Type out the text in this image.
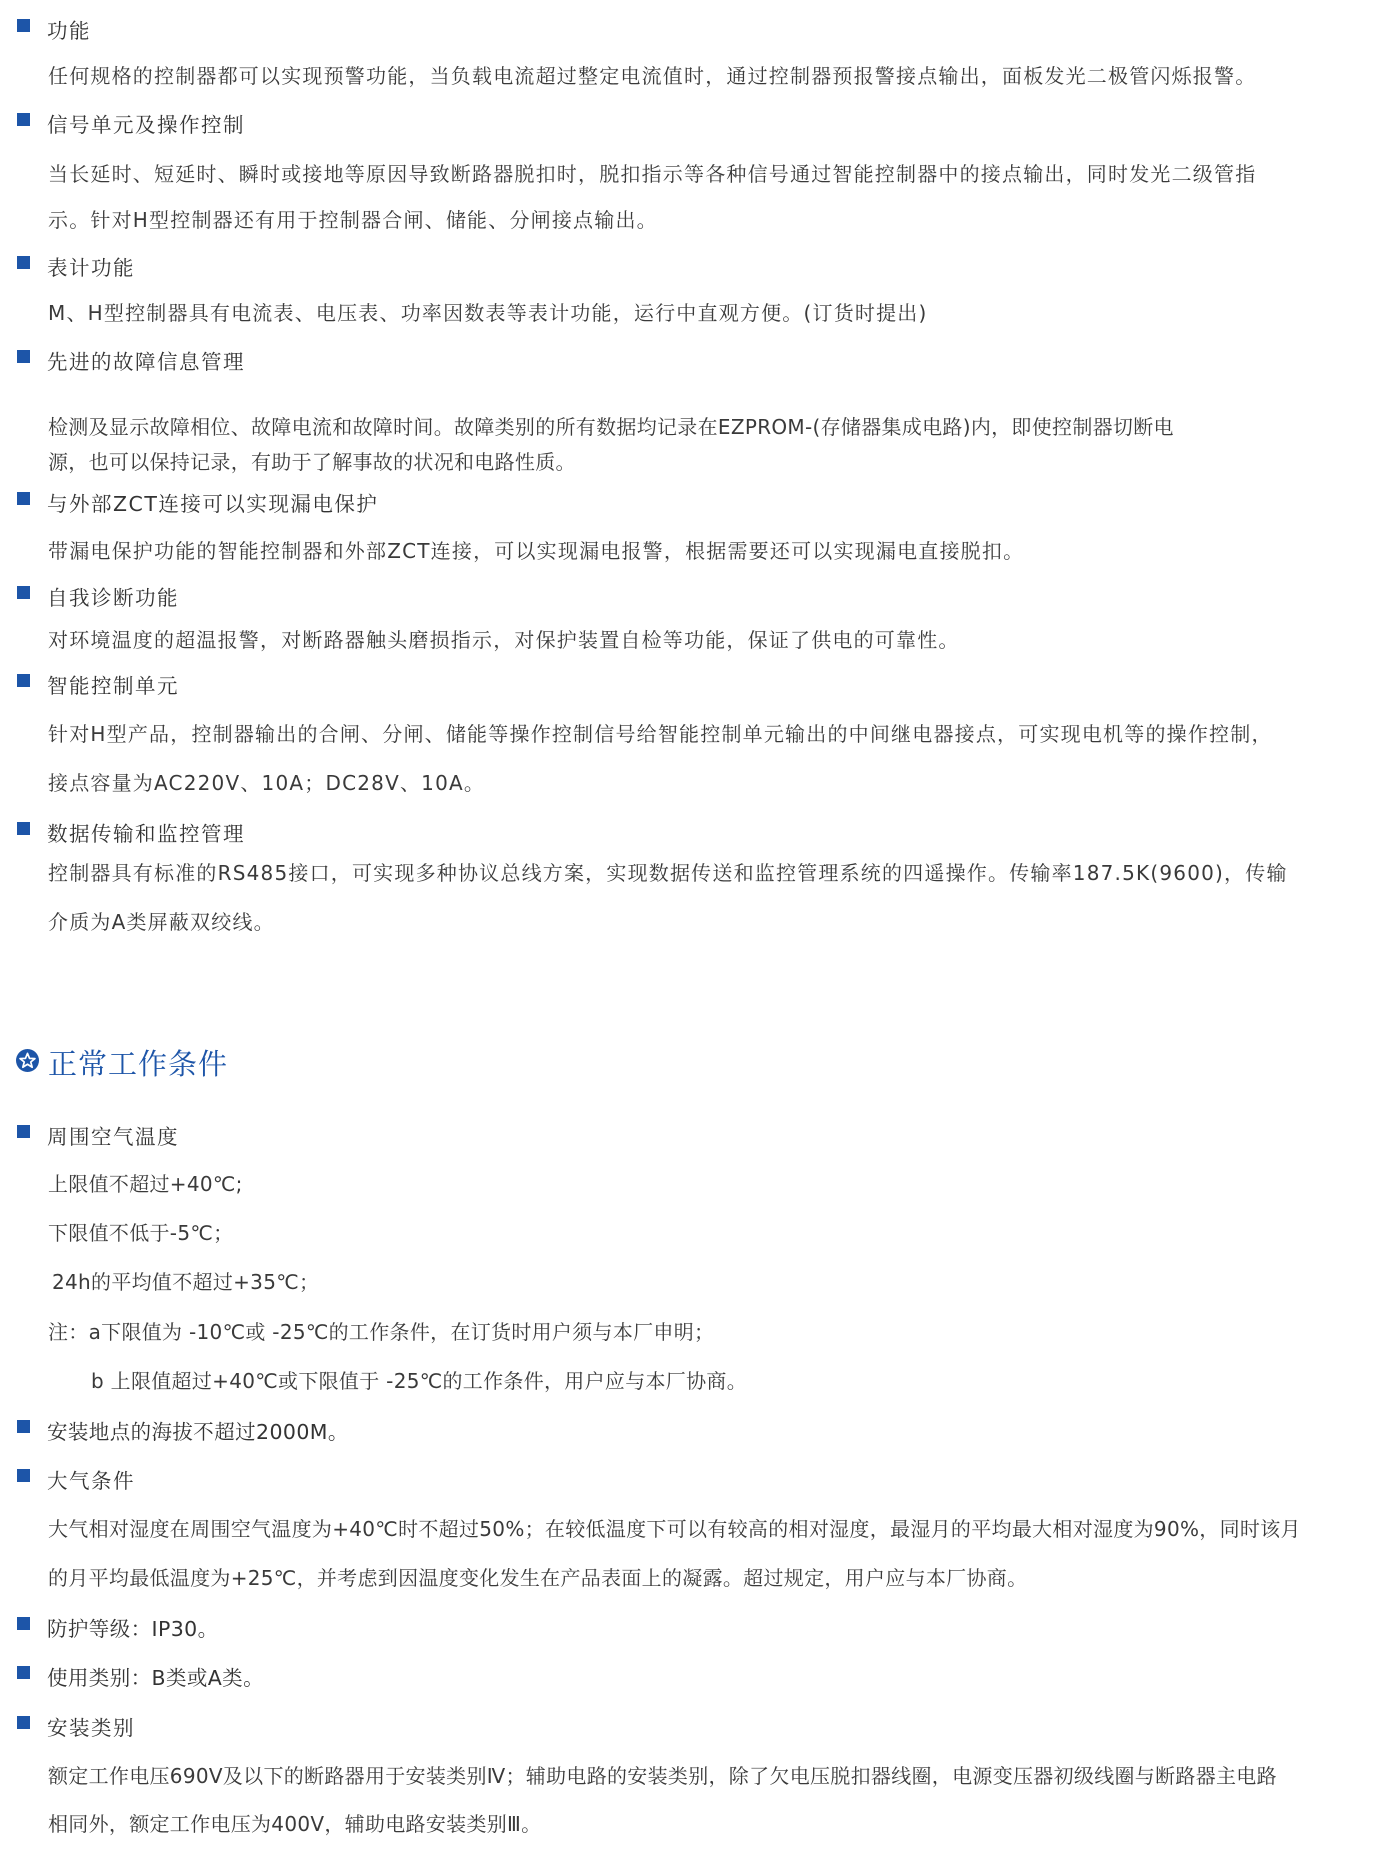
功能
任何规格的控制器都可以实现预警功能，当负载电流超过整定电流值时，通过控制器预报警接点输出，面板发光二极管闪烁报警。
信号单元及操作控制
当长延时、短延时、瞬时或接地等原因导致断路器脱扣时，脱扣指示等各种信号通过智能控制器中的接点输出，同时发光二级管指
示。针对H型控制器还有用于控制器合闸、储能、分闸接点输出。
表计功能
M、H型控制器具有电流表、电压表、功率因数表等表计功能，运行中直观方便。(订货时提出)
先进的故障信息管理
检测及显示故障相位、故障电流和故障时间。故障类别的所有数据均记录在EZPROM-(存储器集成电路)内，即使控制器切断电
源，也可以保持记录，有助于了解事故的状况和电路性质。
与外部ZCT连接可以实现漏电保护
带漏电保护功能的智能控制器和外部ZCT连接，可以实现漏电报警，根据需要还可以实现漏电直接脱扣。
自我诊断功能
对环境温度的超温报警，对断路器触头磨损指示，对保护装置自检等功能，保证了供电的可靠性。
智能控制单元
针对H型产品，控制器输出的合闸、分闸、储能等操作控制信号给智能控制单元输出的中间继电器接点，可实现电机等的操作控制，
接点容量为AC220V、10A；DC28V、10A。
数据传输和监控管理
控制器具有标准的RS485接口，可实现多种协议总线方案，实现数据传送和监控管理系统的四遥操作。传输率187.5K(9600)，传输
介质为A类屏蔽双绞线。
正常工作条件
周围空气温度
上限值不超过+40℃;
下限值不低于-5℃；
24h的平均值不超过+35℃；
注：a下限值为 -10℃或 -25℃的工作条件，在订货时用户须与本厂申明；
b 上限值超过+40℃或下限值于 -25℃的工作条件，用户应与本厂协商。
安装地点的海拔不超过2000M。
大气条件
大气相对湿度在周围空气温度为+40℃时不超过50%；在较低温度下可以有较高的相对湿度，最湿月的平均最大相对湿度为90%，同时该月
的月平均最低温度为+25℃，并考虑到因温度变化发生在产品表面上的凝露。超过规定，用户应与本厂协商。
防护等级：IP30。
使用类别：B类或A类。
安装类别
额定工作电压690V及以下的断路器用于安装类别Ⅳ；辅助电路的安装类别，除了欠电压脱扣器线圈，电源变压器初级线圈与断路器主电路
相同外，额定工作电压为400V，辅助电路安装类别Ⅲ。
